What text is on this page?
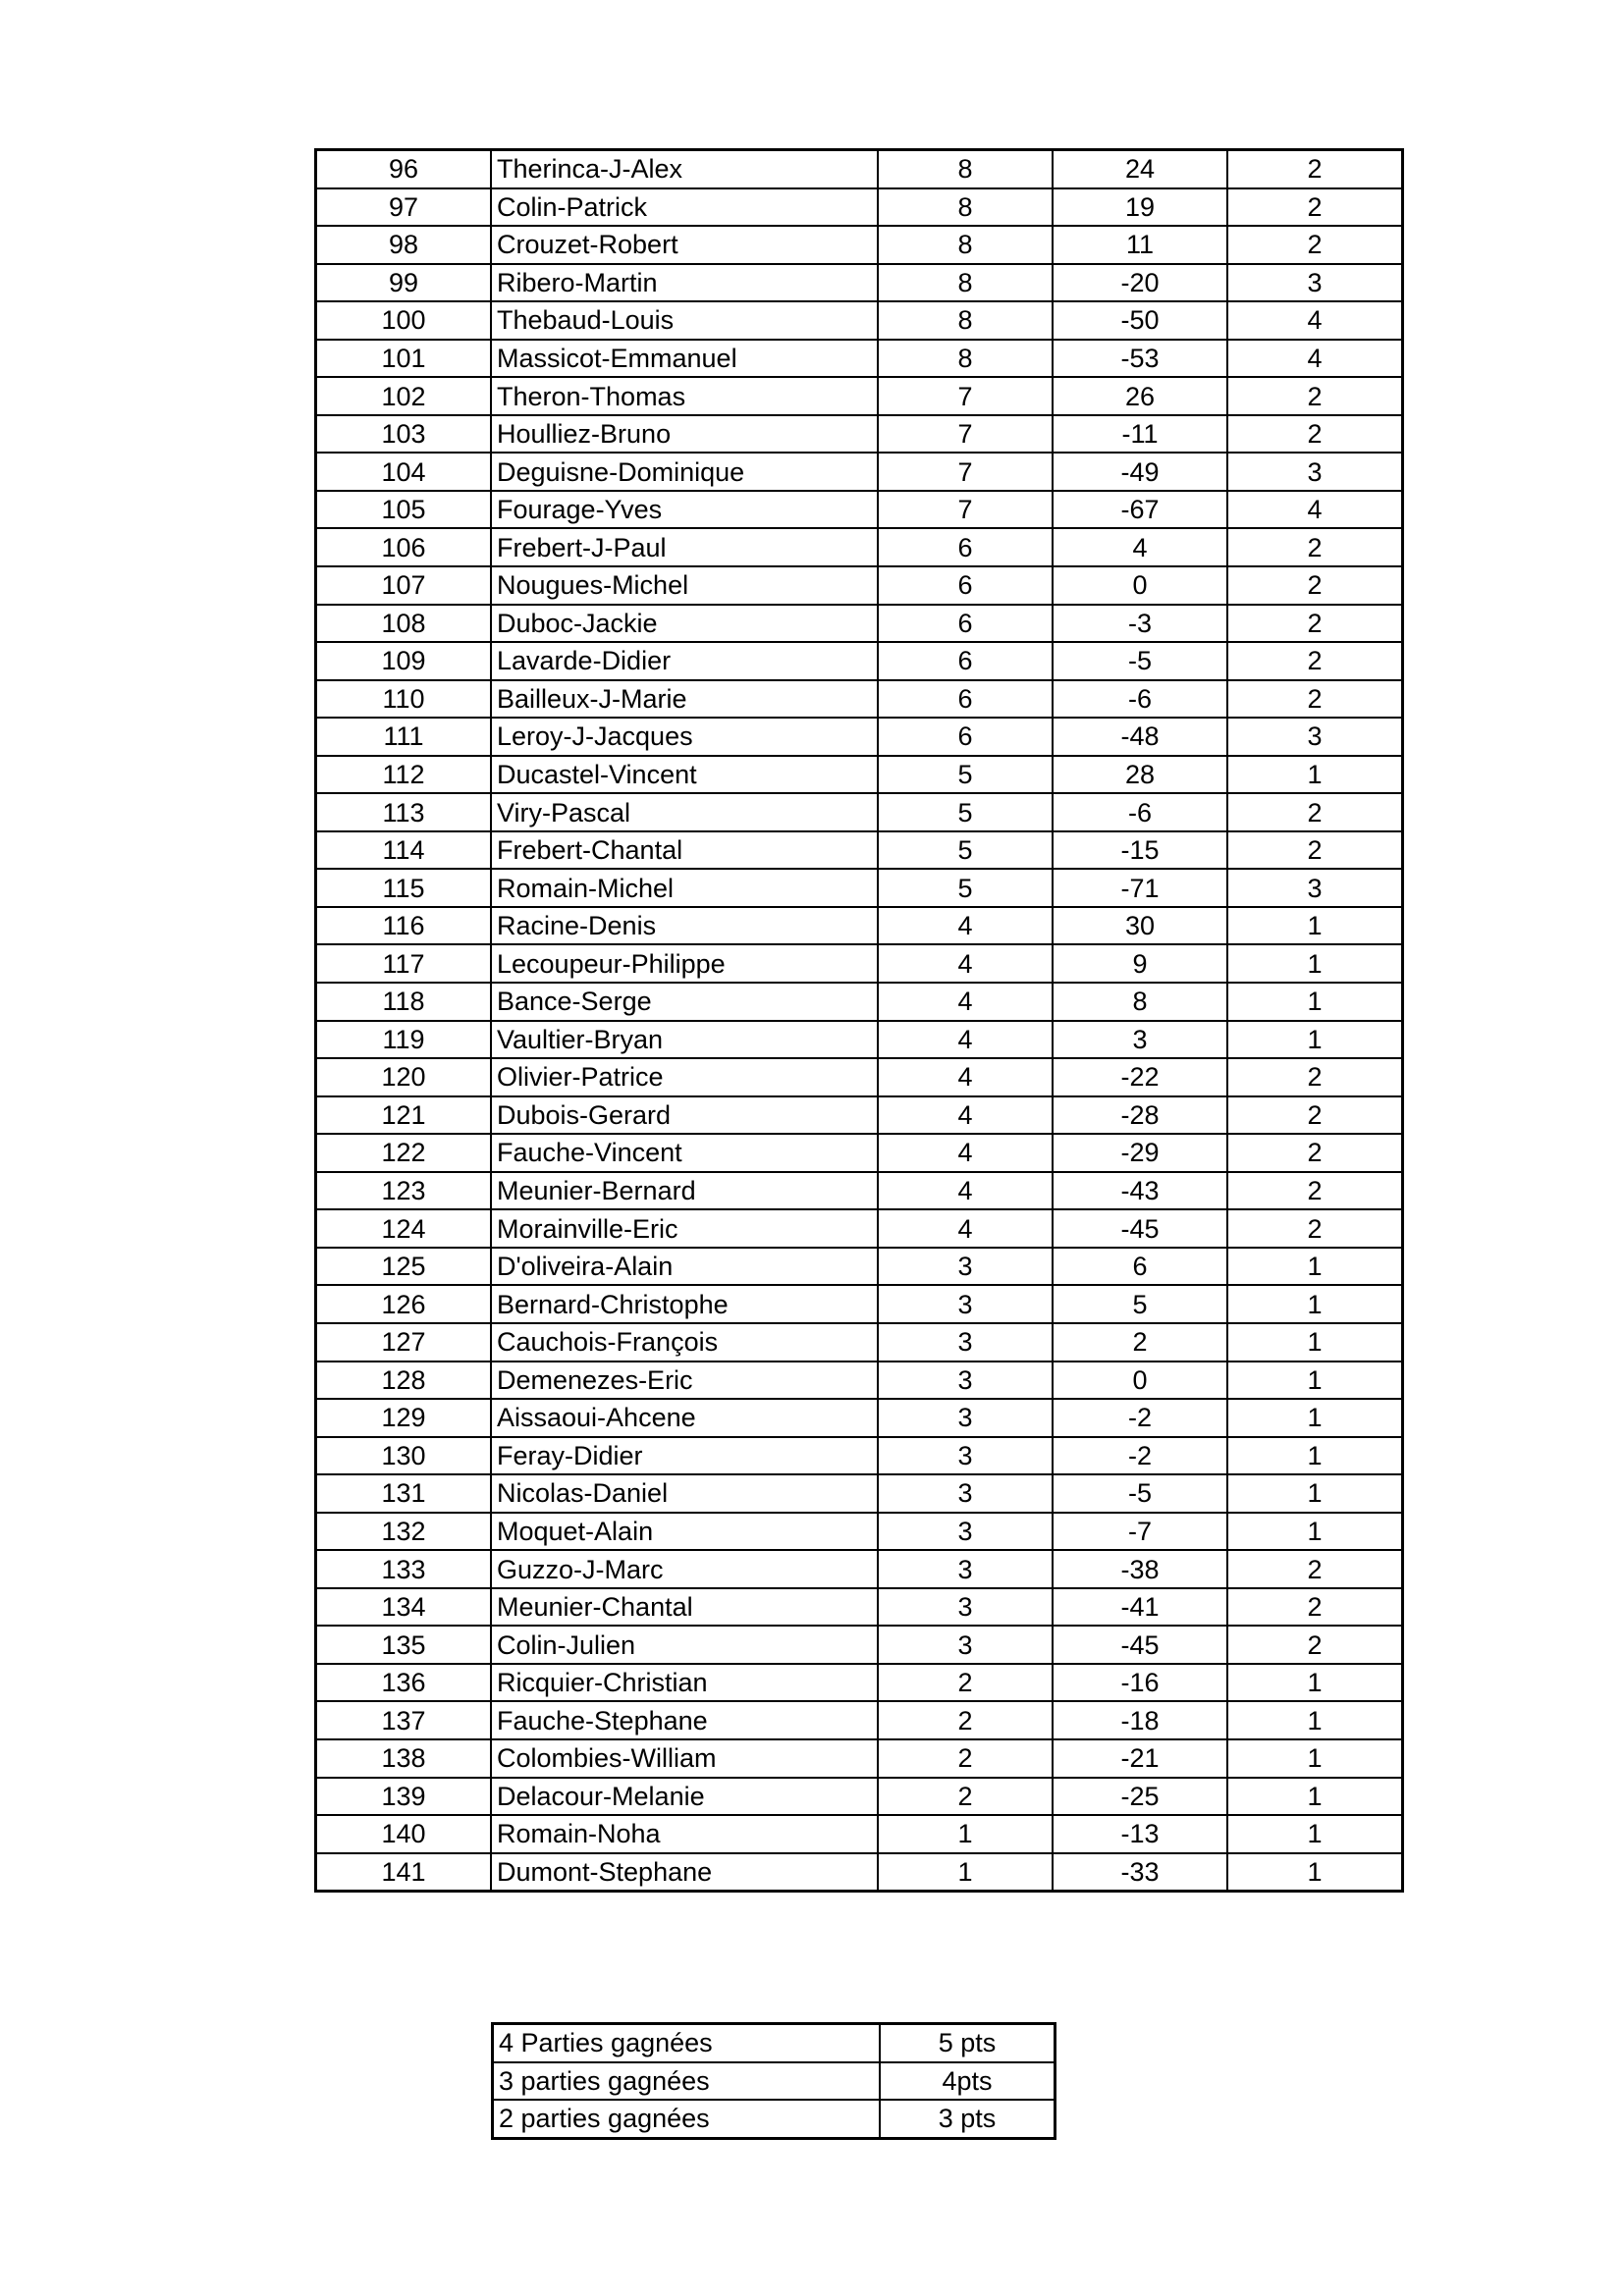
96	Therinca-J-Alex	8	24	2
97	Colin-Patrick	8	19	2
98	Crouzet-Robert	8	11	2
99	Ribero-Martin	8	-20	3
100	Thebaud-Louis	8	-50	4
101	Massicot-Emmanuel	8	-53	4
102	Theron-Thomas	7	26	2
103	Houlliez-Bruno	7	-11	2
104	Deguisne-Dominique	7	-49	3
105	Fourage-Yves	7	-67	4
106	Frebert-J-Paul	6	4	2
107	Nougues-Michel	6	0	2
108	Duboc-Jackie	6	-3	2
109	Lavarde-Didier	6	-5	2
110	Bailleux-J-Marie	6	-6	2
111	Leroy-J-Jacques	6	-48	3
112	Ducastel-Vincent	5	28	1
113	Viry-Pascal	5	-6	2
114	Frebert-Chantal	5	-15	2
115	Romain-Michel	5	-71	3
116	Racine-Denis	4	30	1
117	Lecoupeur-Philippe	4	9	1
118	Bance-Serge	4	8	1
119	Vaultier-Bryan	4	3	1
120	Olivier-Patrice	4	-22	2
121	Dubois-Gerard	4	-28	2
122	Fauche-Vincent	4	-29	2
123	Meunier-Bernard	4	-43	2
124	Morainville-Eric	4	-45	2
125	D'oliveira-Alain	3	6	1
126	Bernard-Christophe	3	5	1
127	Cauchois-François	3	2	1
128	Demenezes-Eric	3	0	1
129	Aissaoui-Ahcene	3	-2	1
130	Feray-Didier	3	-2	1
131	Nicolas-Daniel	3	-5	1
132	Moquet-Alain	3	-7	1
133	Guzzo-J-Marc	3	-38	2
134	Meunier-Chantal	3	-41	2
135	Colin-Julien	3	-45	2
136	Ricquier-Christian	2	-16	1
137	Fauche-Stephane	2	-18	1
138	Colombies-William	2	-21	1
139	Delacour-Melanie	2	-25	1
140	Romain-Noha	1	-13	1
141	Dumont-Stephane	1	-33	1
4 Parties gagnées	5 pts
3 parties gagnées	4pts
2 parties gagnées	3 pts
